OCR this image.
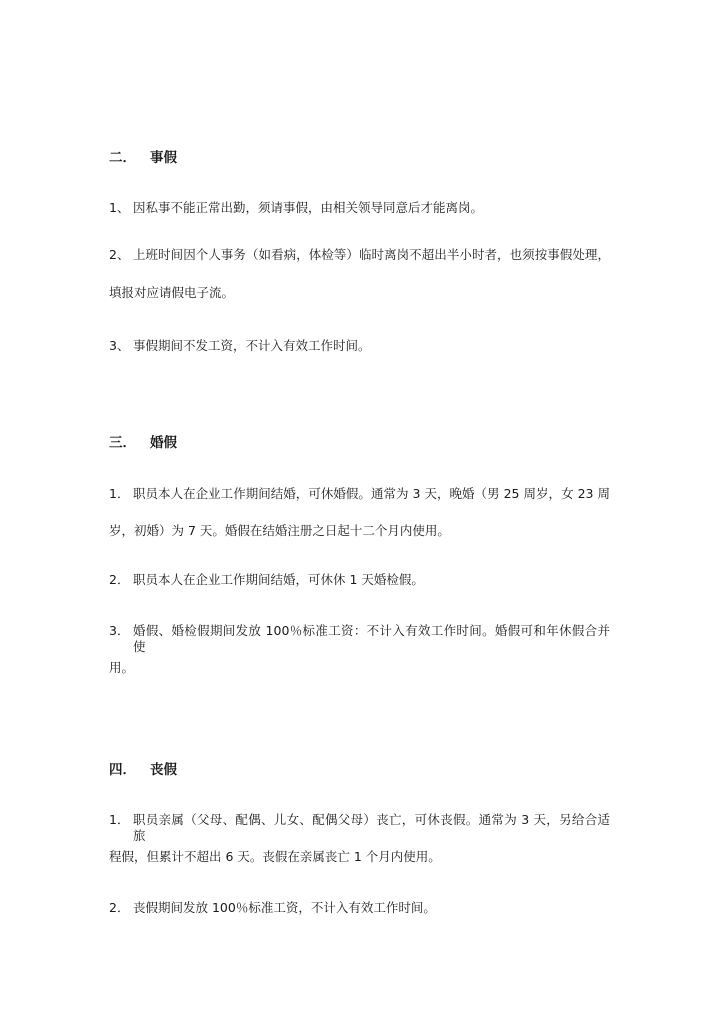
二． 事假
1、 因私事不能正常出勤，须请事假，由相关领导同意后才能离岗。
2、 上班时间因个人事务（如看病，体检等）临时离岗不超出半小时者，也须按事假处理，
填报对应请假电子流。
3、 事假期间不发工资，不计入有效工作时间。
三． 婚假
1． 职员本人在企业工作期间结婚，可休婚假。通常为 3 天，晚婚（男 25 周岁，女 23 周
岁，初婚）为 7 天。婚假在结婚注册之日起十二个月内使用。
2． 职员本人在企业工作期间结婚，可休休 1 天婚检假。
3． 婚假、婚检假期间发放 100％标准工资：不计入有效工作时间。婚假可和年休假合并使
用。
四． 丧假
1． 职员亲属（父母、配偶、儿女、配偶父母）丧亡，可休丧假。通常为 3 天，另给合适旅
程假，但累计不超出 6 天。丧假在亲属丧亡 1 个月内使用。
2． 丧假期间发放 100％标准工资，不计入有效工作时间。
